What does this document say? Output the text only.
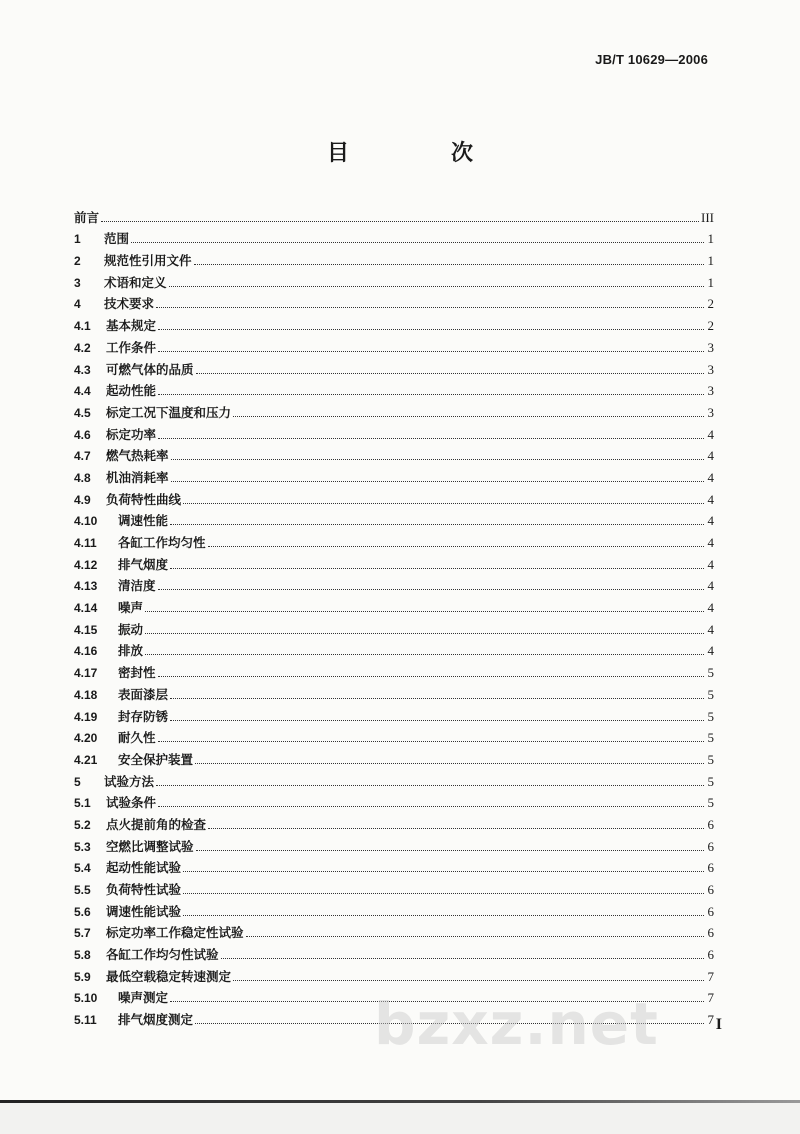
JB/T 10629—2006
目　次
前言	III
1	范围	1
2	规范性引用文件	1
3	术语和定义	1
4	技术要求	2
4.1	基本规定	2
4.2	工作条件	3
4.3	可燃气体的品质	3
4.4	起动性能	3
4.5	标定工况下温度和压力	3
4.6	标定功率	4
4.7	燃气热耗率	4
4.8	机油消耗率	4
4.9	负荷特性曲线	4
4.10	调速性能	4
4.11	各缸工作均匀性	4
4.12	排气烟度	4
4.13	清洁度	4
4.14	噪声	4
4.15	振动	4
4.16	排放	4
4.17	密封性	5
4.18	表面漆层	5
4.19	封存防锈	5
4.20	耐久性	5
4.21	安全保护装置	5
5	试验方法	5
5.1	试验条件	5
5.2	点火提前角的检查	6
5.3	空燃比调整试验	6
5.4	起动性能试验	6
5.5	负荷特性试验	6
5.6	调速性能试验	6
5.7	标定功率工作稳定性试验	6
5.8	各缸工作均匀性试验	6
5.9	最低空载稳定转速测定	7
5.10	噪声测定	7
5.11	排气烟度测定	7
bzxz.net	I
